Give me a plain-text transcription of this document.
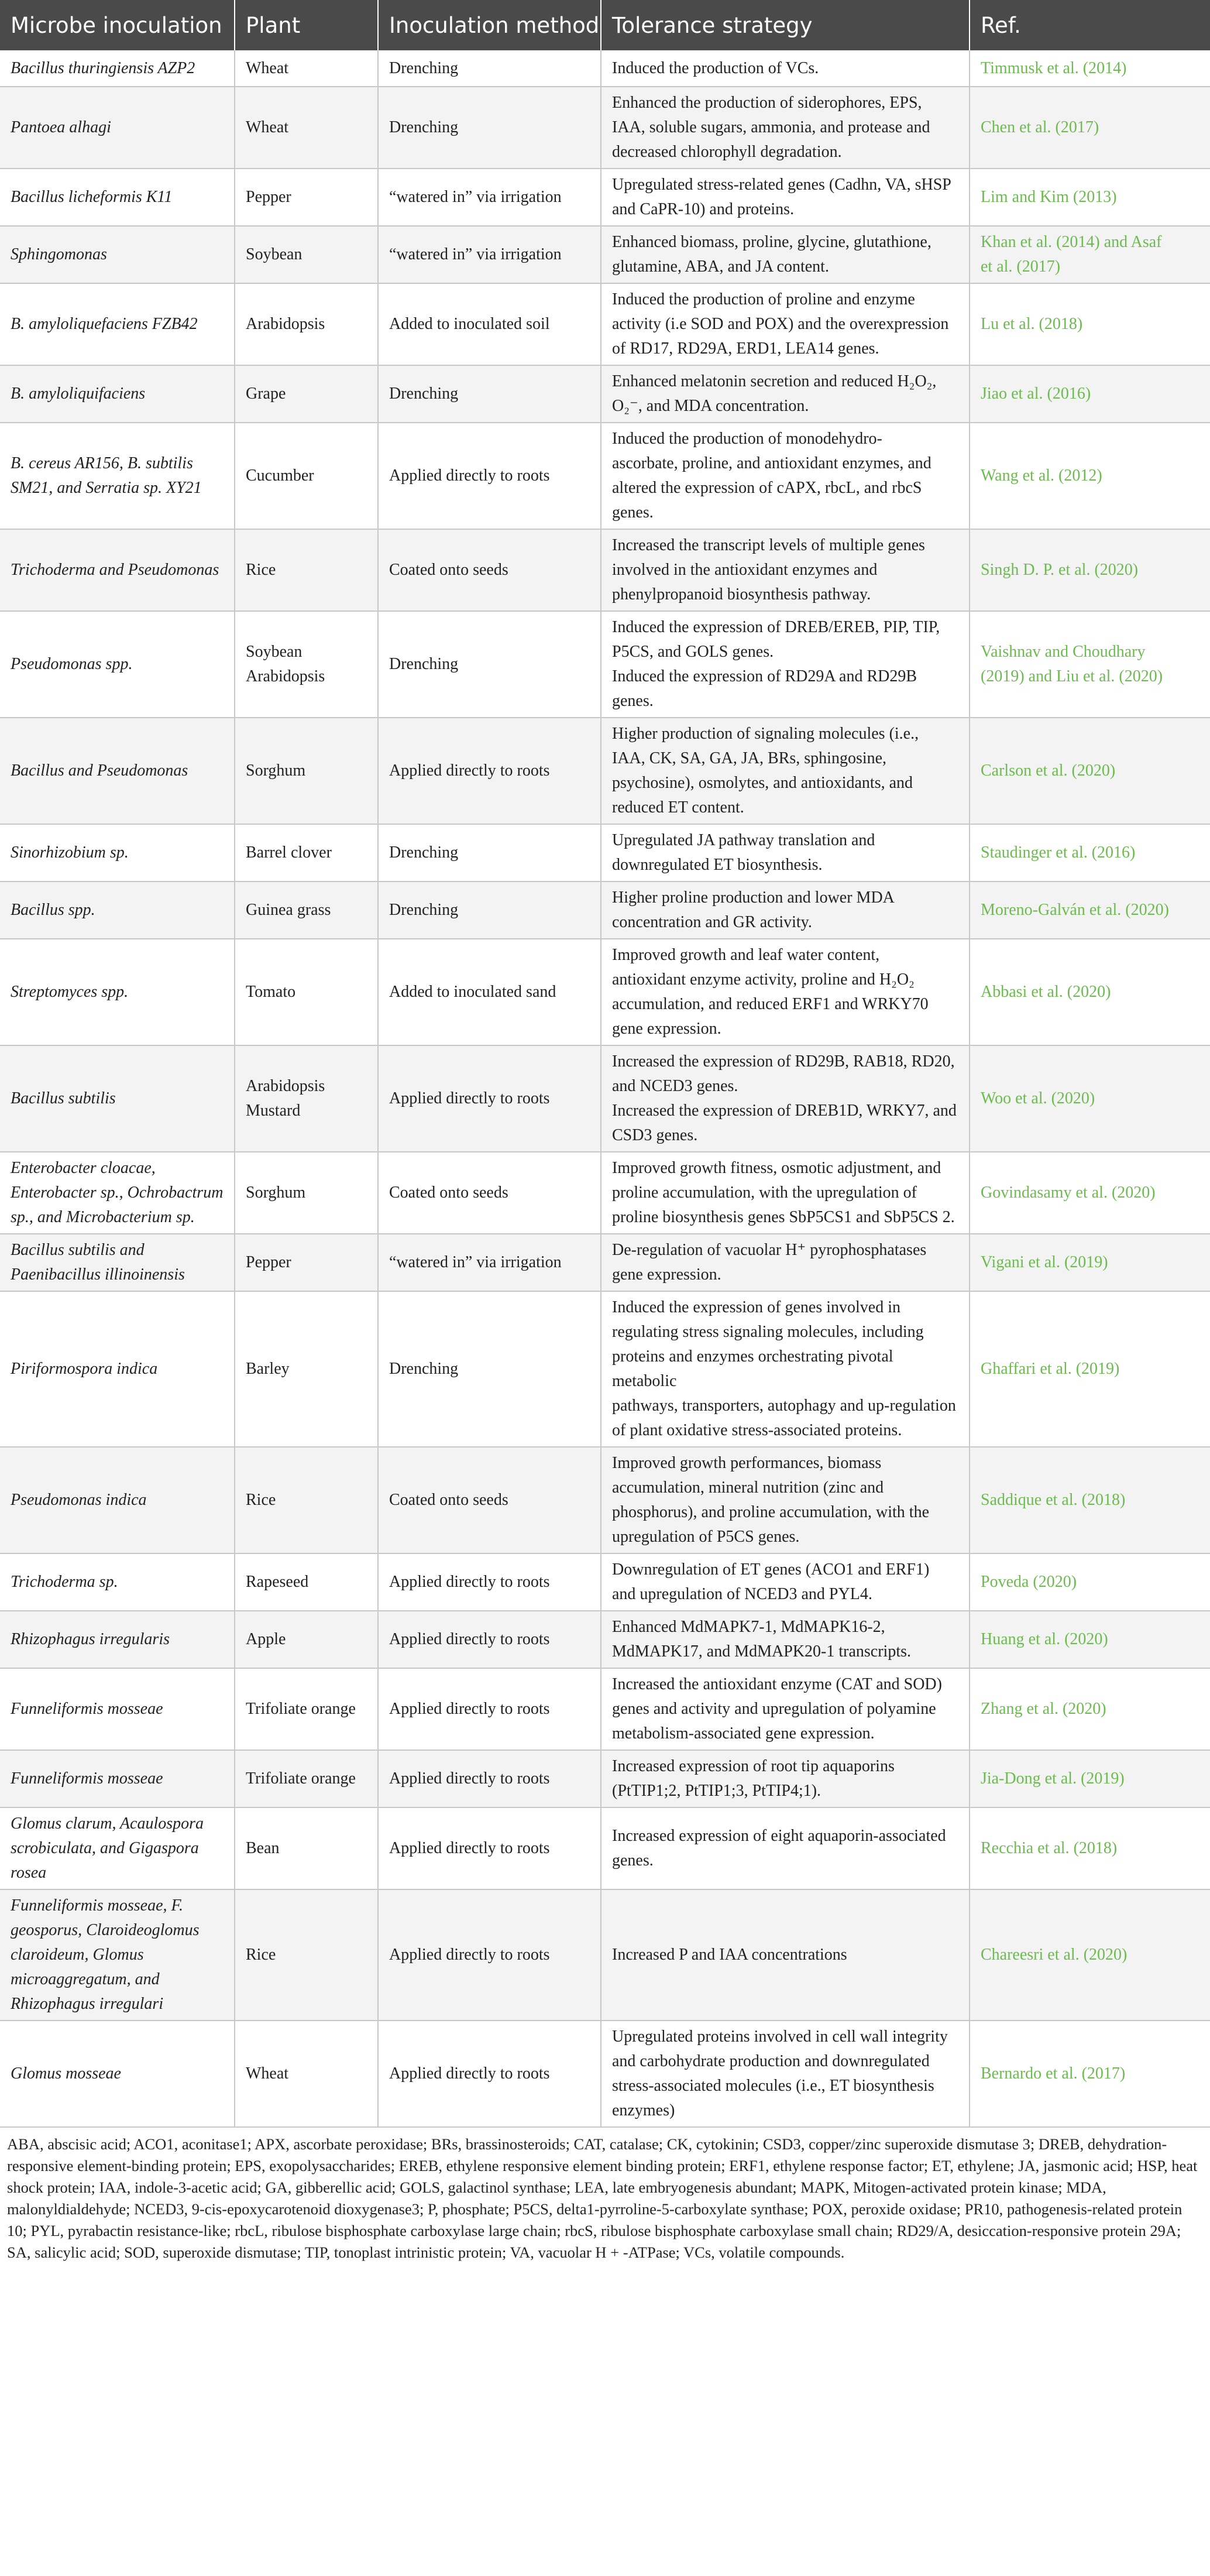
Microbe inoculation	Plant	Inoculation method	Tolerance strategy	Ref.

Bacillus thuringiensis AZP2	Wheat	Drenching	Induced the production of VCs.	Timmusk et al. (2014)

Pantoea alhagi	Wheat	Drenching	Enhanced the production of siderophores, EPS,
IAA, soluble sugars, ammonia, and protease and
decreased chlorophyll degradation.	Chen et al. (2017)

Bacillus licheformis K11	Pepper	“watered in” via irrigation	Upregulated stress-related genes (Cadhn, VA, sHSP
and CaPR-10) and proteins.	Lim and Kim (2013)

Sphingomonas	Soybean	“watered in” via irrigation	Enhanced biomass, proline, glycine, glutathione,
glutamine, ABA, and JA content.	Khan et al. (2014) and Asaf
et al. (2017)

B. amyloliquefaciens FZB42	Arabidopsis	Added to inoculated soil	Induced the production of proline and enzyme
activity (i.e SOD and POX) and the overexpression
of RD17, RD29A, ERD1, LEA14 genes.	Lu et al. (2018)

B. amyloliquifaciens	Grape	Drenching	Enhanced melatonin secretion and reduced H₂O₂,
O₂⁻, and MDA concentration.	Jiao et al. (2016)

B. cereus AR156, B. subtilis
SM21, and Serratia sp. XY21	Cucumber	Applied directly to roots	Induced the production of monodehydro-
ascorbate, proline, and antioxidant enzymes, and
altered the expression of cAPX, rbcL, and rbcS
genes.	Wang et al. (2012)

Trichoderma and Pseudomonas	Rice	Coated onto seeds	Increased the transcript levels of multiple genes
involved in the antioxidant enzymes and
phenylpropanoid biosynthesis pathway.	Singh D. P. et al. (2020)

Pseudomonas spp.	Soybean
Arabidopsis	Drenching	Induced the expression of DREB/EREB, PIP, TIP,
P5CS, and GOLS genes.
Induced the expression of RD29A and RD29B
genes.	Vaishnav and Choudhary
(2019) and Liu et al. (2020)

Bacillus and Pseudomonas	Sorghum	Applied directly to roots	Higher production of signaling molecules (i.e.,
IAA, CK, SA, GA, JA, BRs, sphingosine,
psychosine), osmolytes, and antioxidants, and
reduced ET content.	Carlson et al. (2020)

Sinorhizobium sp.	Barrel clover	Drenching	Upregulated JA pathway translation and
downregulated ET biosynthesis.	Staudinger et al. (2016)

Bacillus spp.	Guinea grass	Drenching	Higher proline production and lower MDA
concentration and GR activity.	Moreno-Galván et al. (2020)

Streptomyces spp.	Tomato	Added to inoculated sand	Improved growth and leaf water content,
antioxidant enzyme activity, proline and H₂O₂
accumulation, and reduced ERF1 and WRKY70
gene expression.	Abbasi et al. (2020)

Bacillus subtilis	Arabidopsis
Mustard	Applied directly to roots	Increased the expression of RD29B, RAB18, RD20,
and NCED3 genes.
Increased the expression of DREB1D, WRKY7, and
CSD3 genes.	Woo et al. (2020)

Enterobacter cloacae,
Enterobacter sp., Ochrobactrum
sp., and Microbacterium sp.	Sorghum	Coated onto seeds	Improved growth fitness, osmotic adjustment, and
proline accumulation, with the upregulation of
proline biosynthesis genes SbP5CS1 and SbP5CS 2.	Govindasamy et al. (2020)

Bacillus subtilis and
Paenibacillus illinoinensis	Pepper	“watered in” via irrigation	De-regulation of vacuolar H⁺ pyrophosphatases
gene expression.	Vigani et al. (2019)

Piriformospora indica	Barley	Drenching	Induced the expression of genes involved in
regulating stress signaling molecules, including
proteins and enzymes orchestrating pivotal metabolic
pathways, transporters, autophagy and up-regulation
of plant oxidative stress-associated proteins.	Ghaffari et al. (2019)

Pseudomonas indica	Rice	Coated onto seeds	Improved growth performances, biomass
accumulation, mineral nutrition (zinc and
phosphorus), and proline accumulation, with the
upregulation of P5CS genes.	Saddique et al. (2018)

Trichoderma sp.	Rapeseed	Applied directly to roots	Downregulation of ET genes (ACO1 and ERF1)
and upregulation of NCED3 and PYL4.	Poveda (2020)

Rhizophagus irregularis	Apple	Applied directly to roots	Enhanced MdMAPK7-1, MdMAPK16-2,
MdMAPK17, and MdMAPK20-1 transcripts.	Huang et al. (2020)

Funneliformis mosseae	Trifoliate orange	Applied directly to roots	Increased the antioxidant enzyme (CAT and SOD)
genes and activity and upregulation of polyamine
metabolism-associated gene expression.	Zhang et al. (2020)

Funneliformis mosseae	Trifoliate orange	Applied directly to roots	Increased expression of root tip aquaporins
(PtTIP1;2, PtTIP1;3, PtTIP4;1).	Jia-Dong et al. (2019)

Glomus clarum, Acaulospora
scrobiculata, and Gigaspora
rosea	Bean	Applied directly to roots	Increased expression of eight aquaporin-associated
genes.	Recchia et al. (2018)

Funneliformis mosseae, F.
geosporus, Claroideoglomus
claroideum, Glomus
microaggregatum, and
Rhizophagus irregulari	Rice	Applied directly to roots	Increased P and IAA concentrations	Chareesri et al. (2020)

Glomus mosseae	Wheat	Applied directly to roots	Upregulated proteins involved in cell wall integrity
and carbohydrate production and downregulated
stress-associated molecules (i.e., ET biosynthesis
enzymes)	Bernardo et al. (2017)

ABA, abscisic acid; ACO1, aconitase1; APX, ascorbate peroxidase; BRs, brassinosteroids; CAT, catalase; CK, cytokinin; CSD3, copper/zinc superoxide dismutase 3; DREB, dehydration-responsive element-binding protein; EPS, exopolysaccharides; EREB, ethylene responsive element binding protein; ERF1, ethylene response factor; ET, ethylene; JA, jasmonic acid; HSP, heat shock protein; IAA, indole-3-acetic acid; GA, gibberellic acid; GOLS, galactinol synthase; LEA, late embryogenesis abundant; MAPK, Mitogen-activated protein kinase; MDA, malonyldialdehyde; NCED3, 9-cis-epoxycarotenoid dioxygenase3; P, phosphate; P5CS, delta1-pyrroline-5-carboxylate synthase; POX, peroxide oxidase; PR10, pathogenesis-related protein 10; PYL, pyrabactin resistance-like; rbcL, ribulose bisphosphate carboxylase large chain; rbcS, ribulose bisphosphate carboxylase small chain; RD29/A, desiccation-responsive protein 29A; SA, salicylic acid; SOD, superoxide dismutase; TIP, tonoplast intrinistic protein; VA, vacuolar H + -ATPase; VCs, volatile compounds.
